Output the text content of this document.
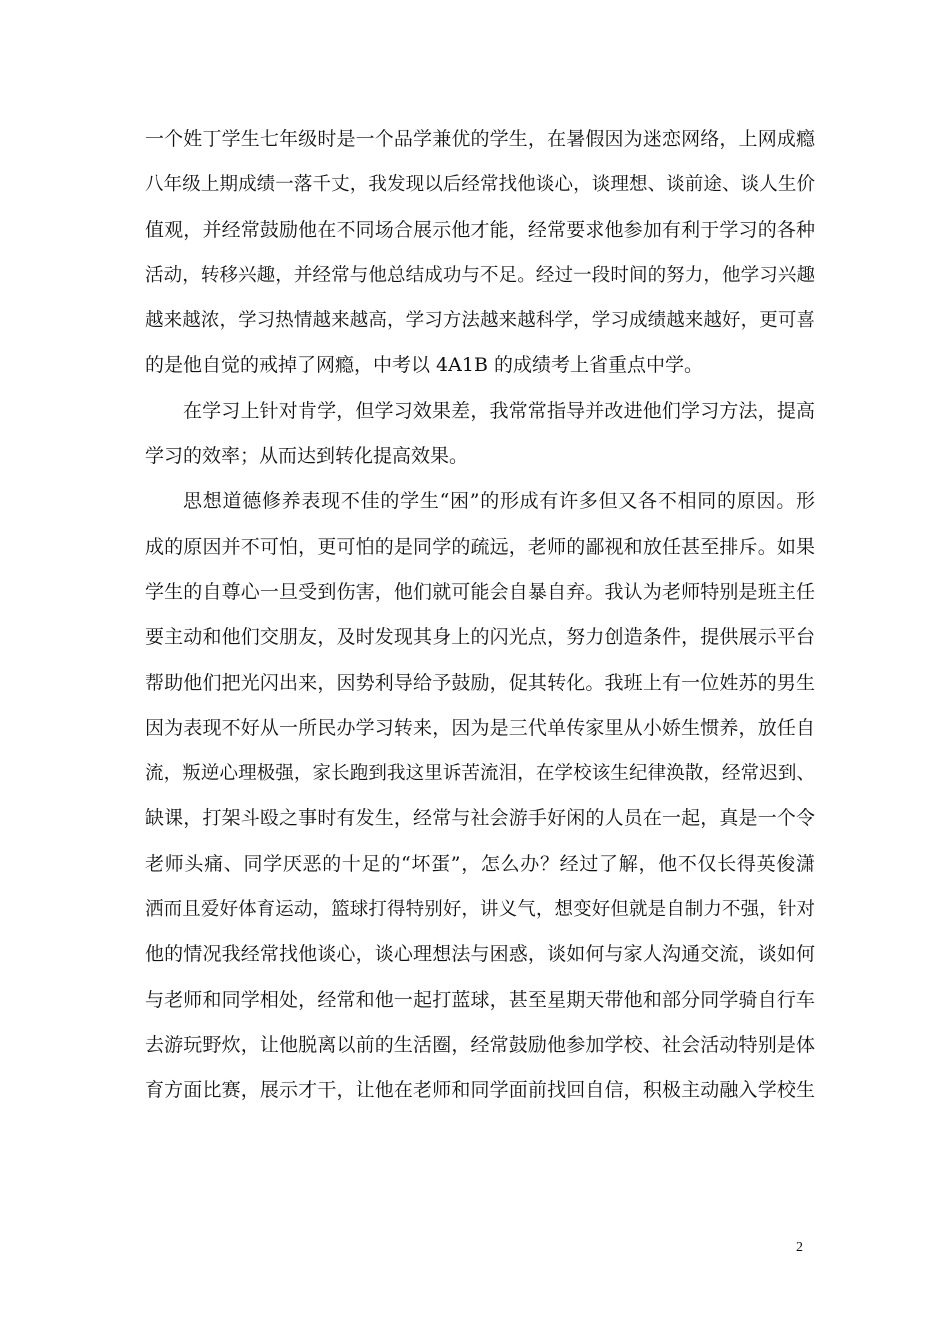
一个姓丁学生七年级时是一个品学兼优的学生，在暑假因为迷恋网络，上网成瘾
八年级上期成绩一落千丈，我发现以后经常找他谈心，谈理想、谈前途、谈人生价
值观，并经常鼓励他在不同场合展示他才能，经常要求他参加有利于学习的各种
活动，转移兴趣，并经常与他总结成功与不足。经过一段时间的努力，他学习兴趣
越来越浓，学习热情越来越高，学习方法越来越科学，学习成绩越来越好，更可喜
的是他自觉的戒掉了网瘾，中考以 4A1B 的成绩考上省重点中学。
在学习上针对肯学，但学习效果差，我常常指导并改进他们学习方法，提高
学习的效率；从而达到转化提高效果。
思想道德修养表现不佳的学生“困”的形成有许多但又各不相同的原因。形
成的原因并不可怕，更可怕的是同学的疏远，老师的鄙视和放任甚至排斥。如果
学生的自尊心一旦受到伤害，他们就可能会自暴自弃。我认为老师特别是班主任
要主动和他们交朋友，及时发现其身上的闪光点，努力创造条件，提供展示平台
帮助他们把光闪出来，因势利导给予鼓励，促其转化。我班上有一位姓苏的男生
因为表现不好从一所民办学习转来，因为是三代单传家里从小娇生惯养，放任自
流，叛逆心理极强，家长跑到我这里诉苦流泪，在学校该生纪律涣散，经常迟到、
缺课，打架斗殴之事时有发生，经常与社会游手好闲的人员在一起，真是一个令
老师头痛、同学厌恶的十足的“坏蛋”，怎么办？经过了解，他不仅长得英俊潇
洒而且爱好体育运动，篮球打得特别好，讲义气，想变好但就是自制力不强，针对
他的情况我经常找他谈心，谈心理想法与困惑，谈如何与家人沟通交流，谈如何
与老师和同学相处，经常和他一起打蓝球，甚至星期天带他和部分同学骑自行车
去游玩野炊，让他脱离以前的生活圈，经常鼓励他参加学校、社会活动特别是体
育方面比赛，展示才干，让他在老师和同学面前找回自信，积极主动融入学校生
2
